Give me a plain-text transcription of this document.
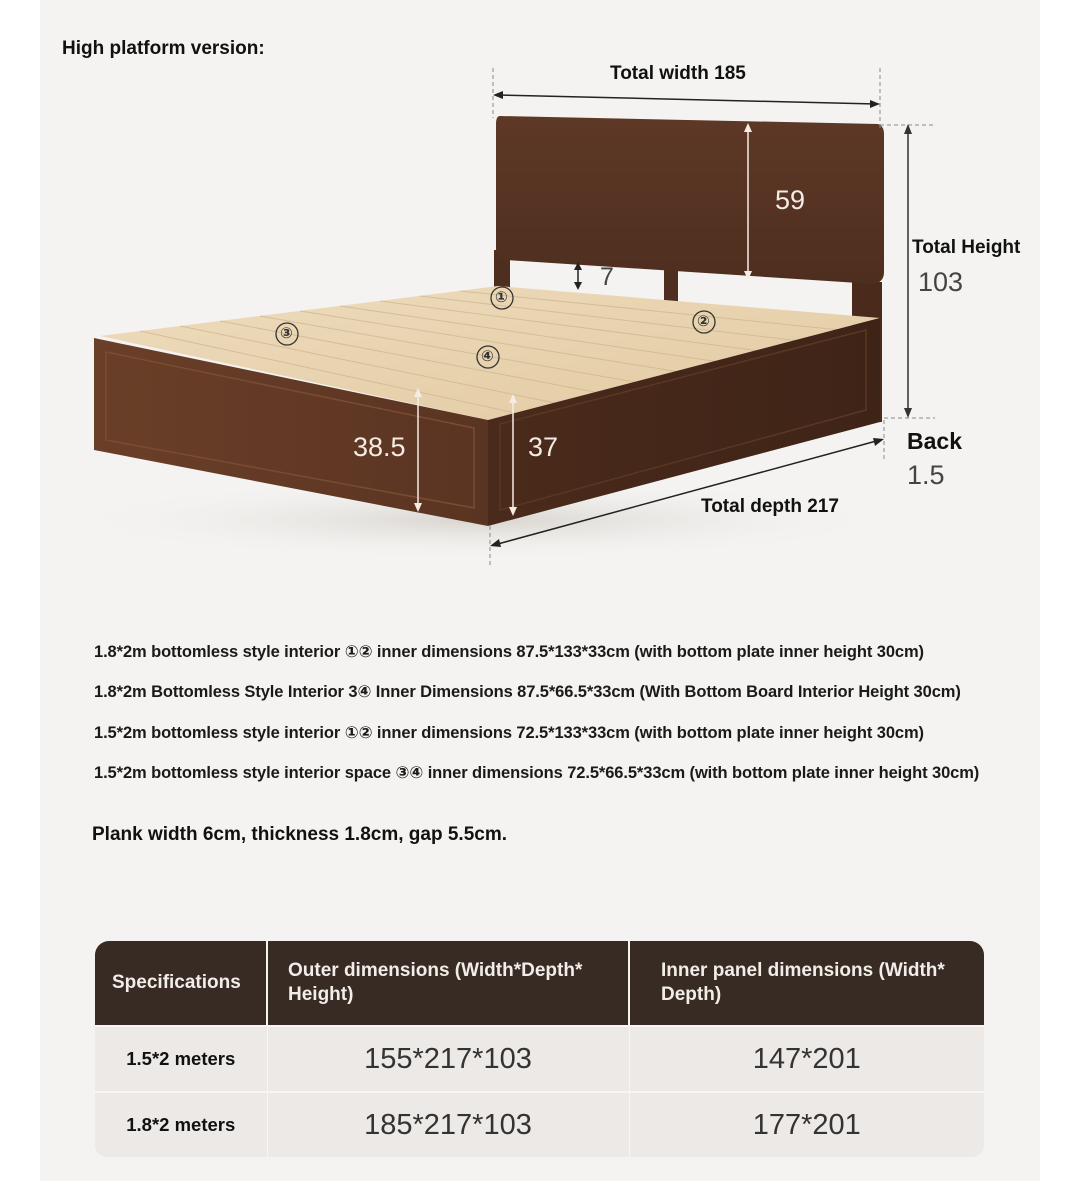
High platform version:
①
②
③
④
Total width 185
59
Total Height
103
7
38.5	37	Back
1.5
Total depth 217
1.8*2m bottomless style interior ①② inner dimensions 87.5*133*33cm (with bottom plate inner height 30cm)
1.8*2m Bottomless Style Interior 3④ Inner Dimensions 87.5*66.5*33cm (With Bottom Board Interior Height 30cm)
1.5*2m bottomless style interior ①② inner dimensions 72.5*133*33cm (with bottom plate inner height 30cm)
1.5*2m bottomless style interior space ③④ inner dimensions 72.5*66.5*33cm (with bottom plate inner height 30cm)
Plank width 6cm, thickness 1.8cm, gap 5.5cm.
Specifications	Outer dimensions (Width*Depth* Height)	Inner panel dimensions (Width* Depth)
1.5*2 meters	155*217*103	147*201
1.8*2 meters	185*217*103	177*201
